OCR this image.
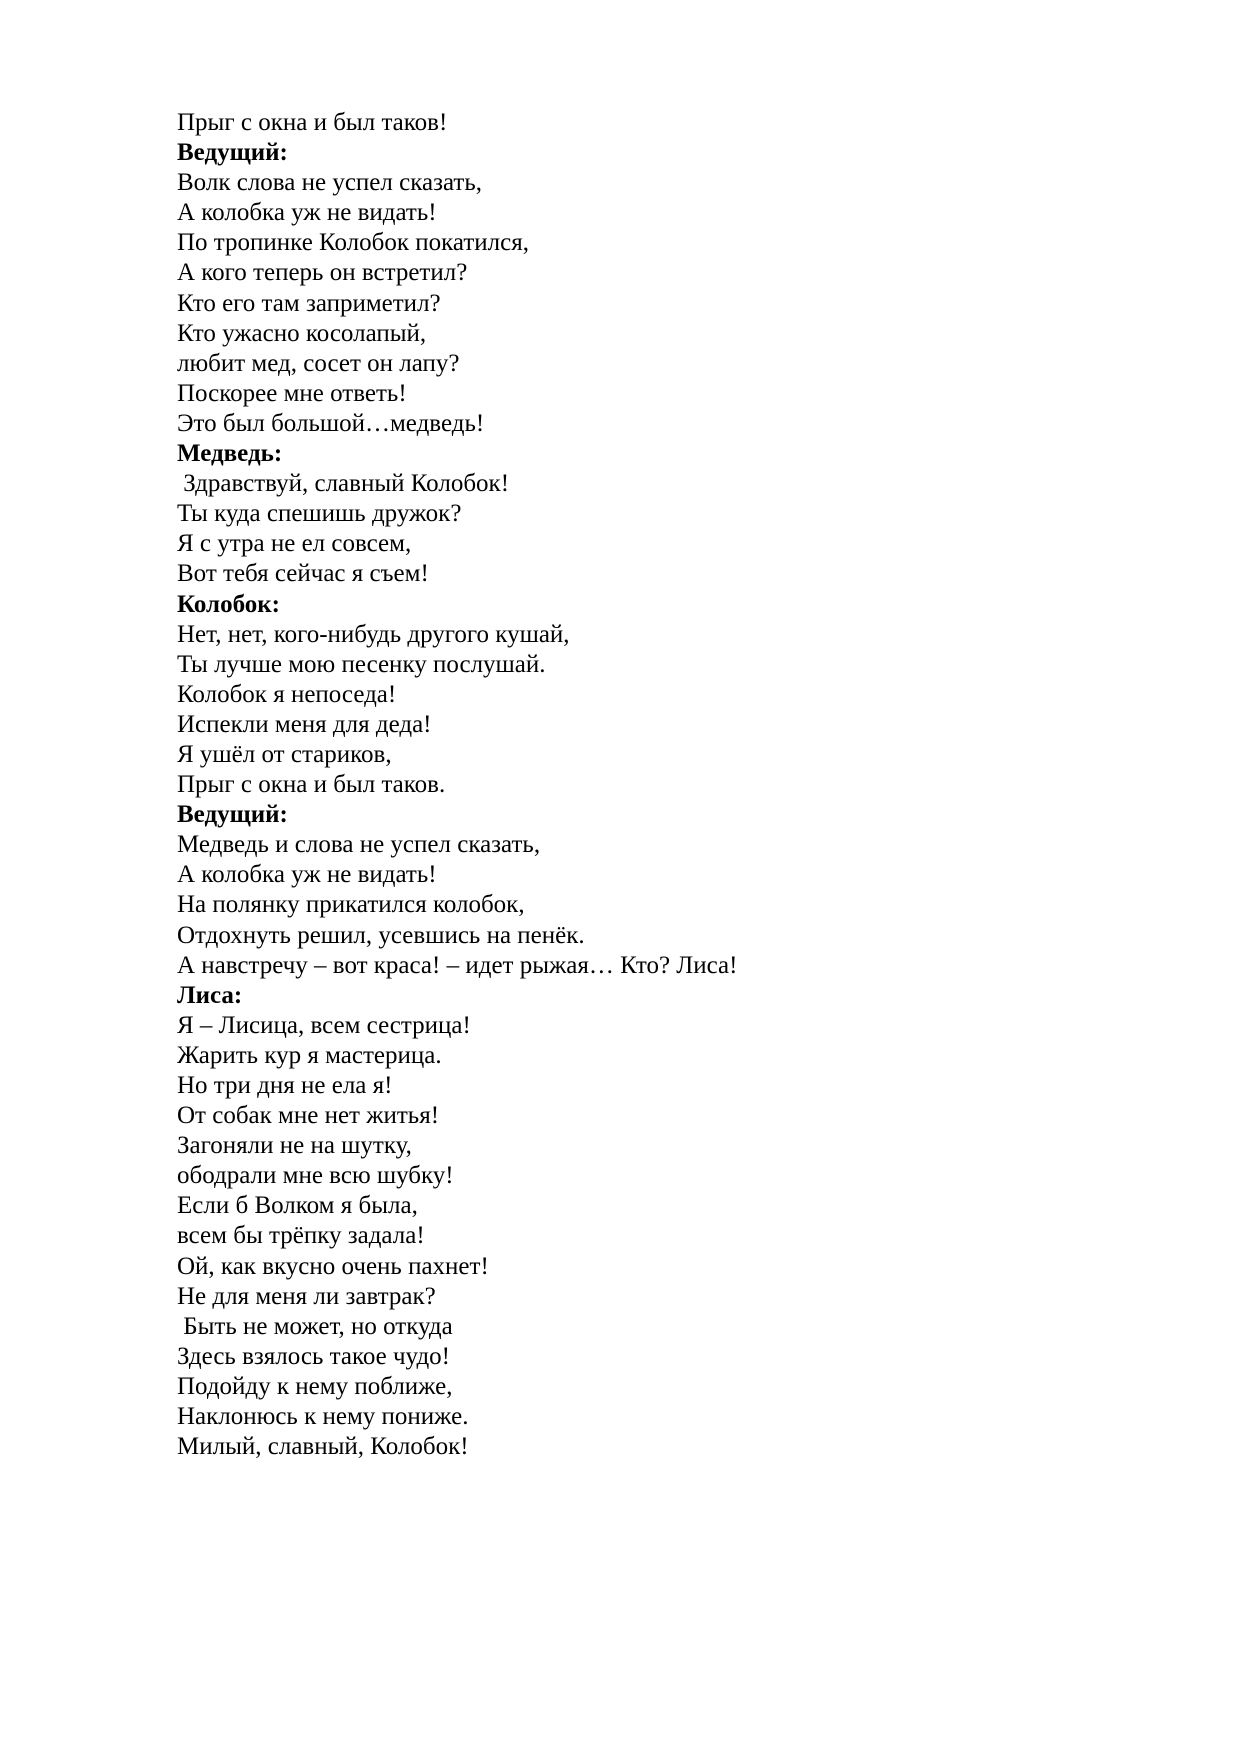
Прыг с окна и был таков!
Ведущий:
Волк слова не успел сказать,
А колобка уж не видать!
По тропинке Колобок покатился,
А кого теперь он встретил?
Кто его там заприметил?
Кто ужасно косолапый,
любит мед, сосет он лапу?
Поскорее мне ответь!
Это был большой…медведь!
Медведь:
Здравствуй, славный Колобок!
Ты куда спешишь дружок?
Я с утра не ел совсем,
Вот тебя сейчас я съем!
Колобок:
Нет, нет, кого-нибудь другого кушай,
Ты лучше мою песенку послушай.
Колобок я непоседа!
Испекли меня для деда!
Я ушёл от стариков,
Прыг с окна и был таков.
Ведущий:
Медведь и слова не успел сказать,
А колобка уж не видать!
На полянку прикатился колобок,
Отдохнуть решил, усевшись на пенёк.
А навстречу – вот краса! – идет рыжая… Кто? Лиса!
Лиса:
Я – Лисица, всем сестрица!
Жарить кур я мастерица.
Но три дня не ела я!
От собак мне нет житья!
Загоняли не на шутку,
ободрали мне всю шубку!
Если б Волком я была,
всем бы трёпку задала!
Ой, как вкусно очень пахнет!
Не для меня ли завтрак?
Быть не может, но откуда
Здесь взялось такое чудо!
Подойду к нему поближе,
Наклонюсь к нему пониже.
Милый, славный, Колобок!
